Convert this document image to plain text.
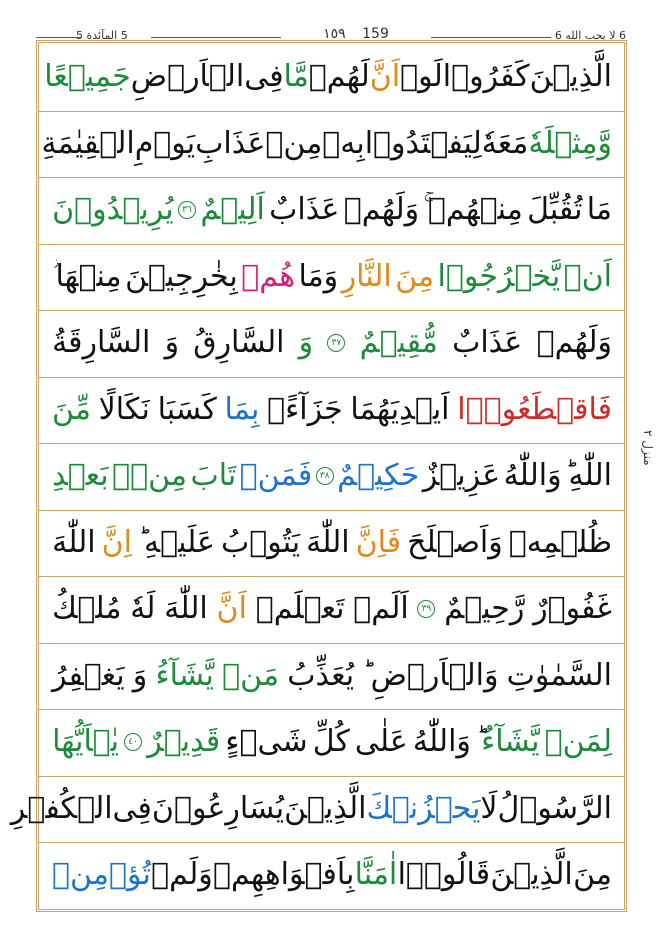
5 المآئدة 5	١٥٩ 159	6 لا يحب الله 6
منزل ٢
الَّذِيۡنَ
كَفَرُوۡا
لَوۡ
اَنَّ
لَهُمۡ
مَّا
فِى
الۡاَرۡضِ
جَمِيۡعًا
وَّمِثۡلَهٗ
مَعَهٗ
لِيَفۡتَدُوۡا
بِهٖ
مِنۡ
عَذَابِ
يَوۡمِ
الۡقِيٰمَةِ
مَا
تُقُبِّلَ
مِنۡهُمۡ
وَلَهُمۡ
عَذَابٌ
اَلِيۡمٌ
٣٦
يُرِيۡدُوۡنَ
اَنۡ
يَّخۡرُجُوۡا
مِنَ
النَّارِ
وَمَا
هُمۡ
بِخٰرِجِيۡنَ
مِنۡهَا
وَلَهُمۡ
عَذَابٌ
مُّقِيۡمٌ
٣٧
وَ
السَّارِقُ
وَ
السَّارِقَةُ
فَاقۡطَعُوۡۤا
اَيۡدِيَهُمَا
جَزَآءًۢ
بِمَا
كَسَبَا
نَكَالًا
مِّنَ
اللّٰهِ
وَاللّٰهُ
عَزِيۡزٌ
حَكِيۡمٌ
٣٨
فَمَنۡ
تَابَ
مِنۡۢ
بَعۡدِ
ظُلۡمِهٖ
وَاَصۡلَحَ
فَاِنَّ
اللّٰهَ
يَتُوۡبُ
عَلَيۡهِ
اِنَّ
اللّٰهَ
غَفُوۡرٌ
رَّحِيۡمٌ
٣٩
اَلَمۡ
تَعۡلَمۡ
اَنَّ
اللّٰهَ
لَهٗ
مُلۡكُ
السَّمٰوٰتِ
وَالۡاَرۡضِ
يُعَذِّبُ
مَنۡ
يَّشَآءُ
وَ
يَغۡفِرُ
لِمَنۡ
يَّشَآءُ
وَاللّٰهُ
عَلٰى
كُلِّ
شَىۡءٍ
قَدِيۡرٌ
٤٠
يٰۤاَيُّهَا
الرَّسُوۡلُ
لَا
يَحۡزُنۡكَ
الَّذِيۡنَ
يُسَارِعُوۡنَ
فِى
الۡكُفۡرِ
مِنَ
الَّذِيۡنَ
قَالُوۡۤا
اٰمَنَّا
بِاَفۡوَاهِهِمۡ
وَلَمۡ
تُؤۡمِنۡ
